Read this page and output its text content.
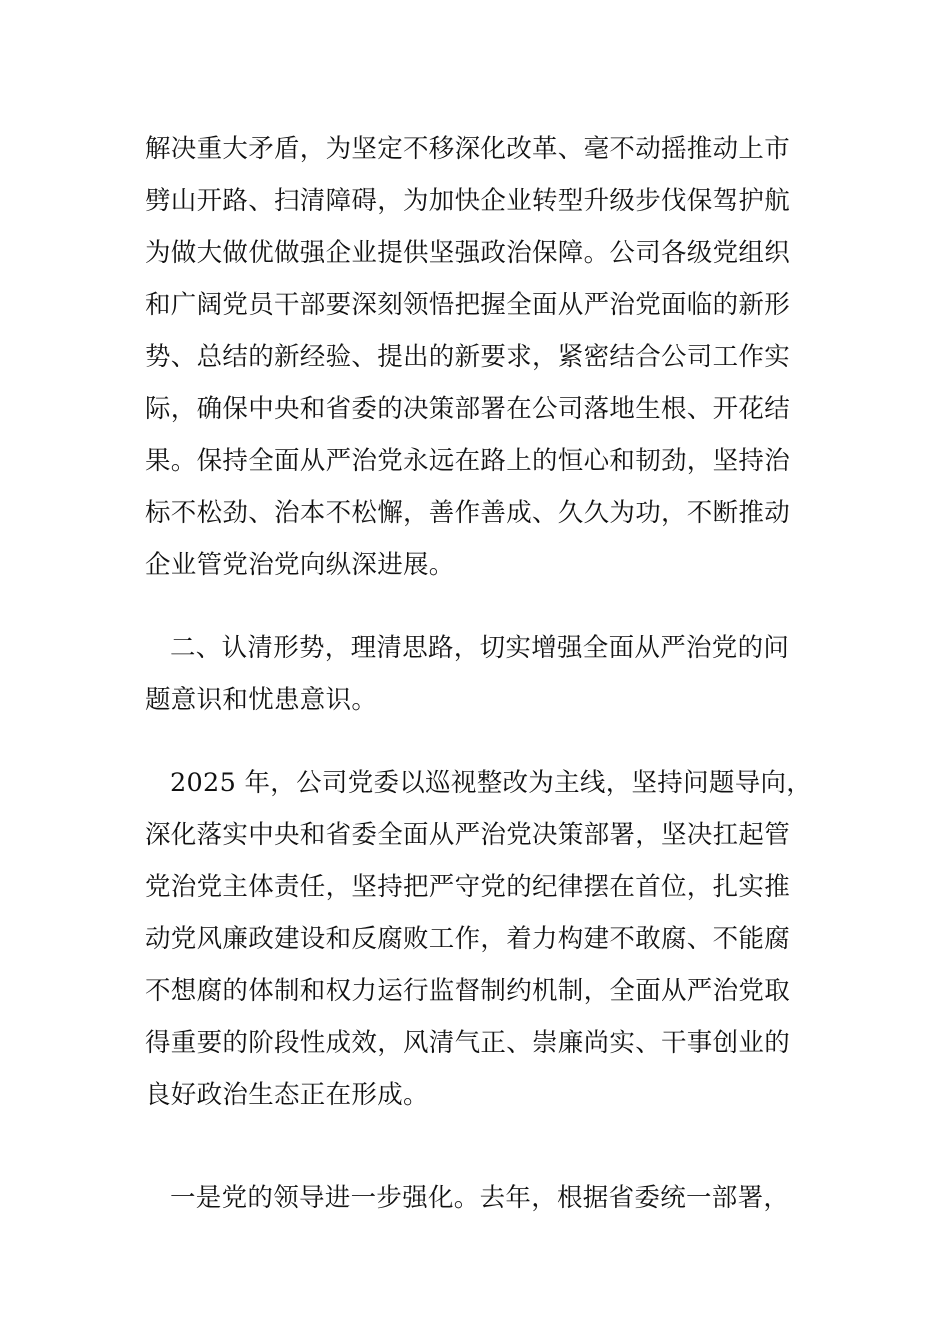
解决重大矛盾，为坚定不移深化改革、毫不动摇推动上市
劈山开路、扫清障碍，为加快企业转型升级步伐保驾护航
为做大做优做强企业提供坚强政治保障。公司各级党组织
和广阔党员干部要深刻领悟把握全面从严治党面临的新形
势、总结的新经验、提出的新要求，紧密结合公司工作实
际，确保中央和省委的决策部署在公司落地生根、开花结
果。保持全面从严治党永远在路上的恒心和韧劲，坚持治
标不松劲、治本不松懈，善作善成、久久为功，不断推动
企业管党治党向纵深进展。
二、认清形势，理清思路，切实增强全面从严治党的问
题意识和忧患意识。
2025 年，公司党委以巡视整改为主线，坚持问题导向，
深化落实中央和省委全面从严治党决策部署，坚决扛起管
党治党主体责任，坚持把严守党的纪律摆在首位，扎实推
动党风廉政建设和反腐败工作，着力构建不敢腐、不能腐
不想腐的体制和权力运行监督制约机制，全面从严治党取
得重要的阶段性成效，风清气正、崇廉尚实、干事创业的
良好政治生态正在形成。
一是党的领导进一步强化。去年，根据省委统一部署，
